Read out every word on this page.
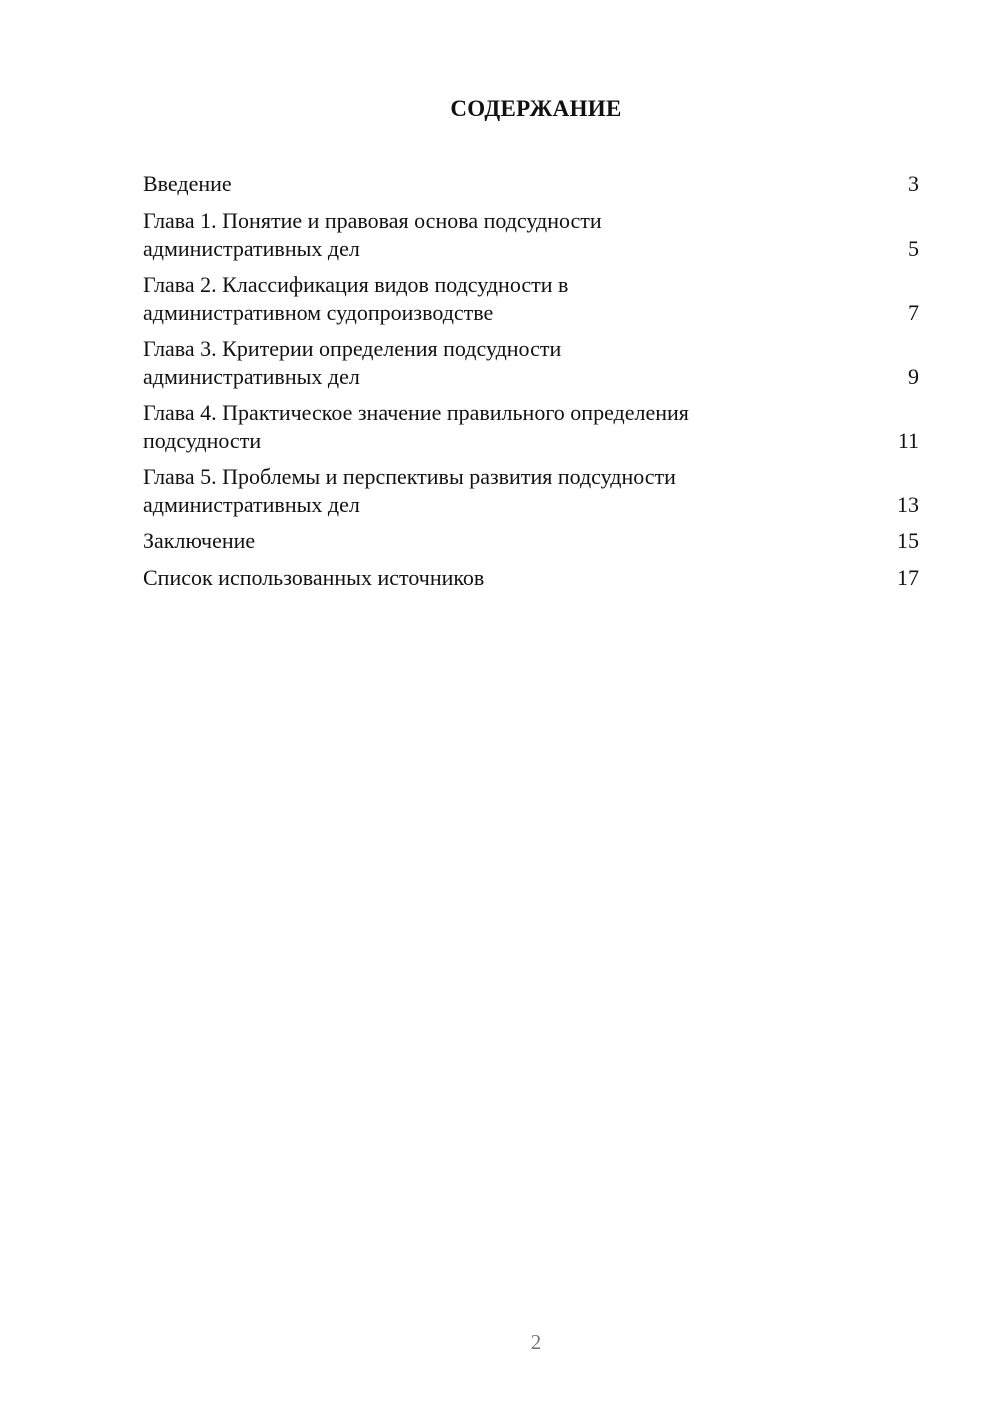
СОДЕРЖАНИЕ
Введение	3
Глава 1. Понятие и правовая основа подсудности
административных дел	5
Глава 2. Классификация видов подсудности в
административном судопроизводстве	7
Глава 3. Критерии определения подсудности
административных дел	9
Глава 4. Практическое значение правильного определения
подсудности	11
Глава 5. Проблемы и перспективы развития подсудности
административных дел	13
Заключение	15
Список использованных источников	17
2
